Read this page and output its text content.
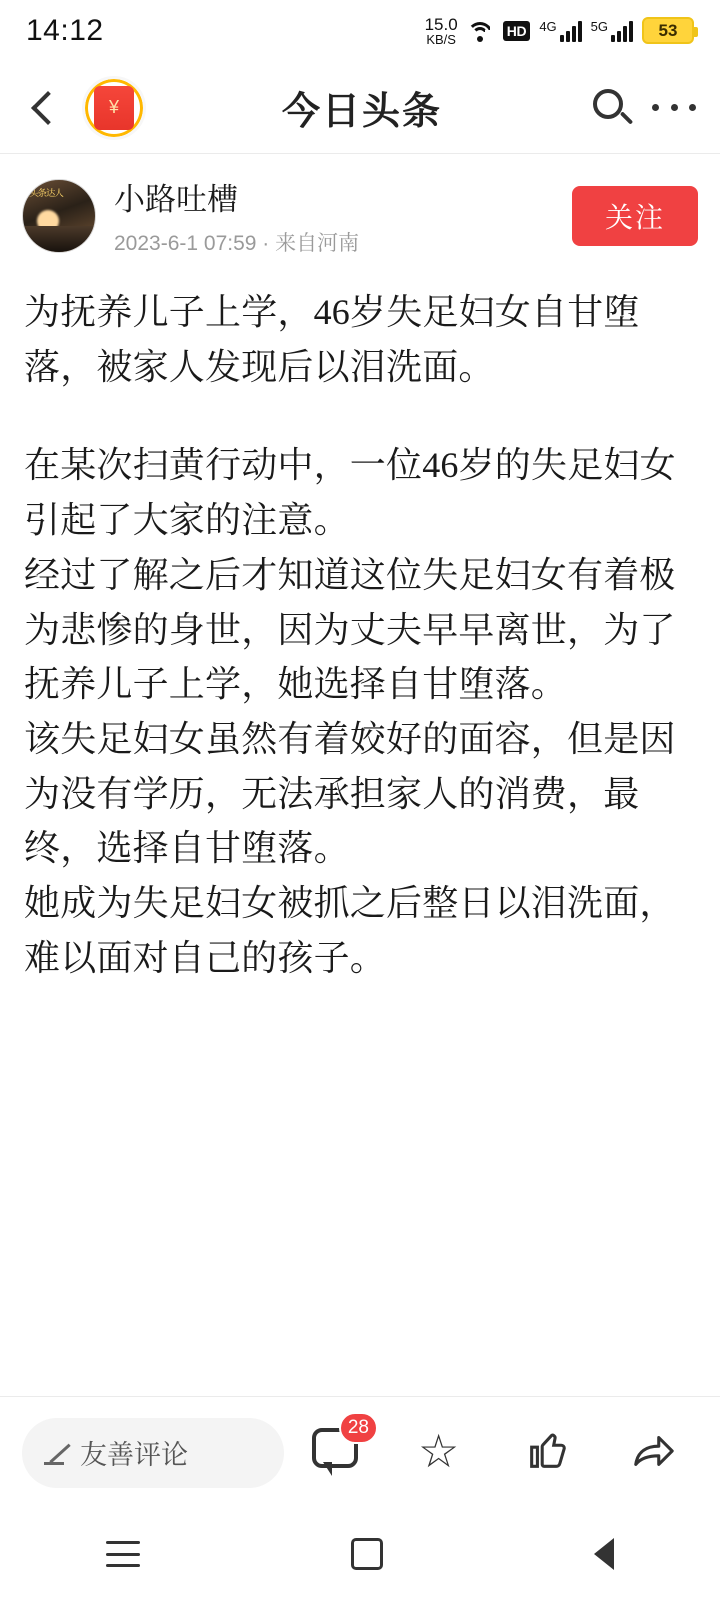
14:12	15.0
KB/S
HD	4G	5G	53
¥	今日头条
头条达人 小路吐槽
2023-6-1 07:59 · 来自河南
关注

为抚养儿子上学，46岁失足妇女自甘堕落，被家人发现后以泪洗面。

在某次扫黄行动中，一位46岁的失足妇女引起了大家的注意。

经过了解之后才知道这位失足妇女有着极为悲惨的身世，因为丈夫早早离世，为了抚养儿子上学，她选择自甘堕落。

该失足妇女虽然有着姣好的面容，但是因为没有学历，无法承担家人的消费，最终，选择自甘堕落。

她成为失足妇女被抓之后整日以泪洗面，难以面对自己的孩子。

友善评论
28 ☆
